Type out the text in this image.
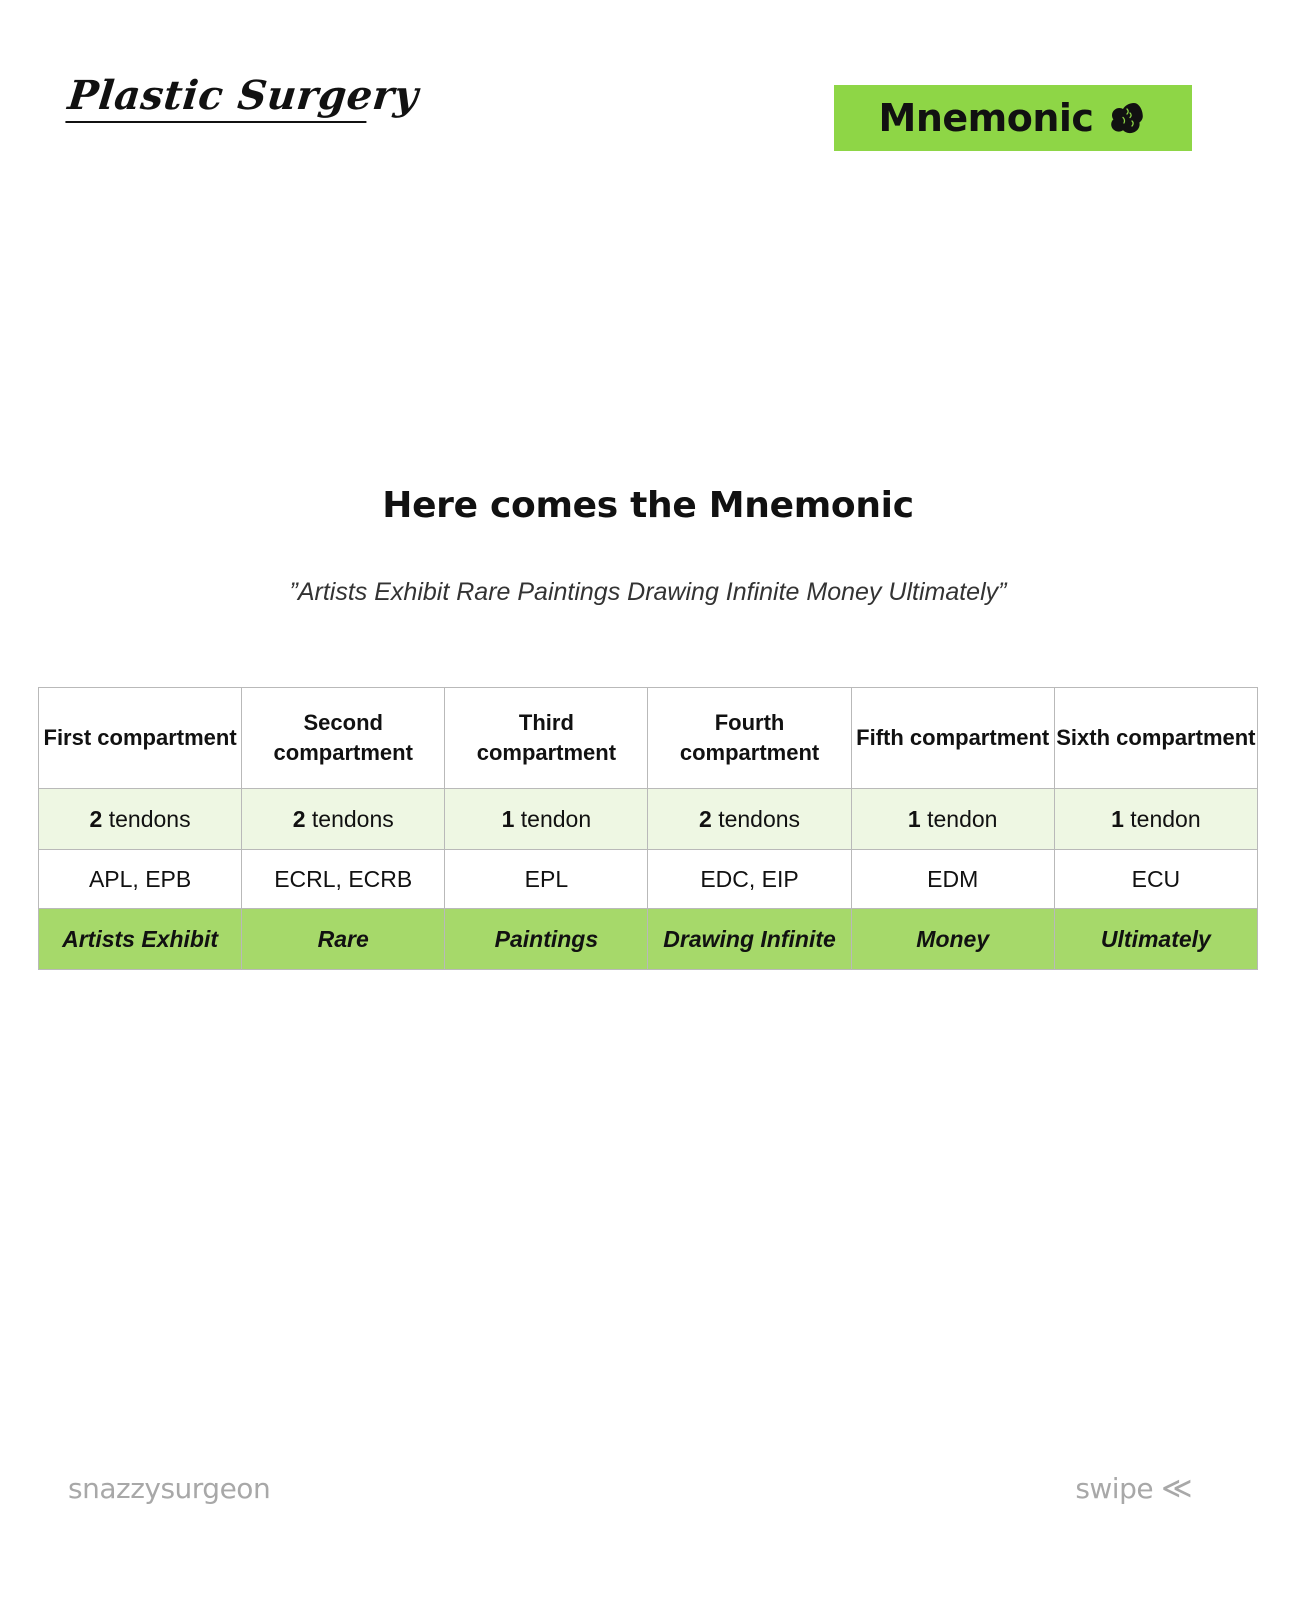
Plastic Surgery	Mnemonic
Here comes the Mnemonic
”Artists Exhibit Rare Paintings Drawing Infinite Money Ultimately”
First compartment	Second compartment	Third compartment	Fourth compartment	Fifth compartment	Sixth compartment
2 tendons	2 tendons	1 tendon	2 tendons	1 tendon	1 tendon
APL, EPB	ECRL, ECRB	EPL	EDC, EIP	EDM	ECU
Artists Exhibit	Rare	Paintings	Drawing Infinite	Money	Ultimately
snazzysurgeon	swipe ≪
